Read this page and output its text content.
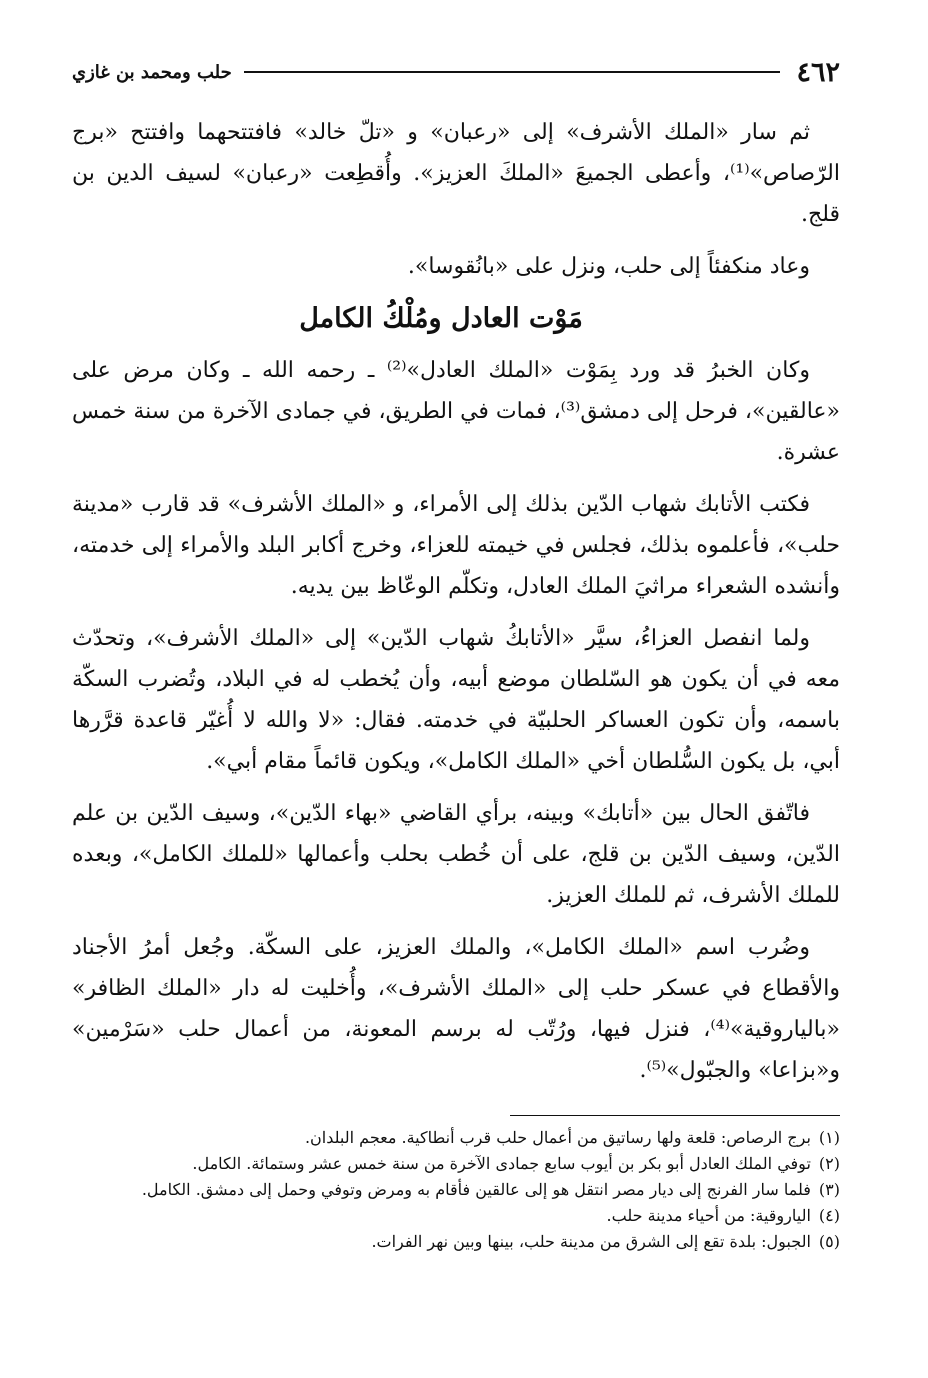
٤٦٢
حلب ومحمد بن غازي

ثم سار «الملك الأشرف» إلى «رعبان» و «تلّ خالد» فافتتحهما وافتتح «برج الرّصاص»⁽¹⁾، وأعطى الجميعَ «الملكَ العزيز». وأُقطِعت «رعبان» لسيف الدين بن قلج.

وعاد منكفئاً إلى حلب، ونزل على «بانُقوسا».

مَوْت العادل ومُلْكُ الكامل

وكان الخبرُ قد ورد بِمَوْت «الملك العادل»⁽²⁾ ـ رحمه الله ـ وكان مرض على «عالقين»، فرحل إلى دمشق⁽³⁾، فمات في الطريق، في جمادى الآخرة من سنة خمس عشرة.

فكتب الأتابك شهاب الدّين بذلك إلى الأمراء، و «الملك الأشرف» قد قارب «مدينة حلب»، فأعلموه بذلك، فجلس في خيمته للعزاء، وخرج أكابر البلد والأمراء إلى خدمته، وأنشده الشعراء مراثيَ الملك العادل، وتكلّم الوعّاظ بين يديه.

ولما انفصل العزاءُ، سيَّر «الأتابكُ شهاب الدّين» إلى «الملك الأشرف»، وتحدّث معه في أن يكون هو السّلطان موضع أبيه، وأن يُخطب له في البلاد، وتُضرب السكّة باسمه، وأن تكون العساكر الحلبيّة في خدمته. فقال: «لا والله لا أُغيّر قاعدة قرَّرها أبي، بل يكون السُّلطان أخي «الملك الكامل»، ويكون قائماً مقام أبي».

فاتّفق الحال بين «أتابك» وبينه، برأي القاضي «بهاء الدّين»، وسيف الدّين بن علم الدّين، وسيف الدّين بن قلج، على أن خُطب بحلب وأعمالها «للملك الكامل»، وبعده للملك الأشرف، ثم للملك العزيز.

وضُرب اسم «الملك الكامل»، والملك العزيز، على السكّة. وجُعل أمرُ الأجناد والأقطاع في عسكر حلب إلى «الملك الأشرف»، وأُخليت له دار «الملك الظافر» «بالياروقية»⁽⁴⁾، فنزل فيها، ورُتّب له برسم المعونة، من أعمال حلب «سَرْمين» و«بزاعا» والجبّول»⁽⁵⁾.

(١)
برج الرصاص: قلعة ولها رساتيق من أعمال حلب قرب أنطاكية. معجم البلدان.
(٢)
توفي الملك العادل أبو بكر بن أيوب سابع جمادى الآخرة من سنة خمس عشر وستمائة. الكامل.
(٣)
فلما سار الفرنج إلى ديار مصر انتقل هو إلى عالقين فأقام به ومرض وتوفي وحمل إلى دمشق. الكامل.
(٤)
الياروقية: من أحياء مدينة حلب.
(٥)
الجبول: بلدة تقع إلى الشرق من مدينة حلب، بينها وبين نهر الفرات.
